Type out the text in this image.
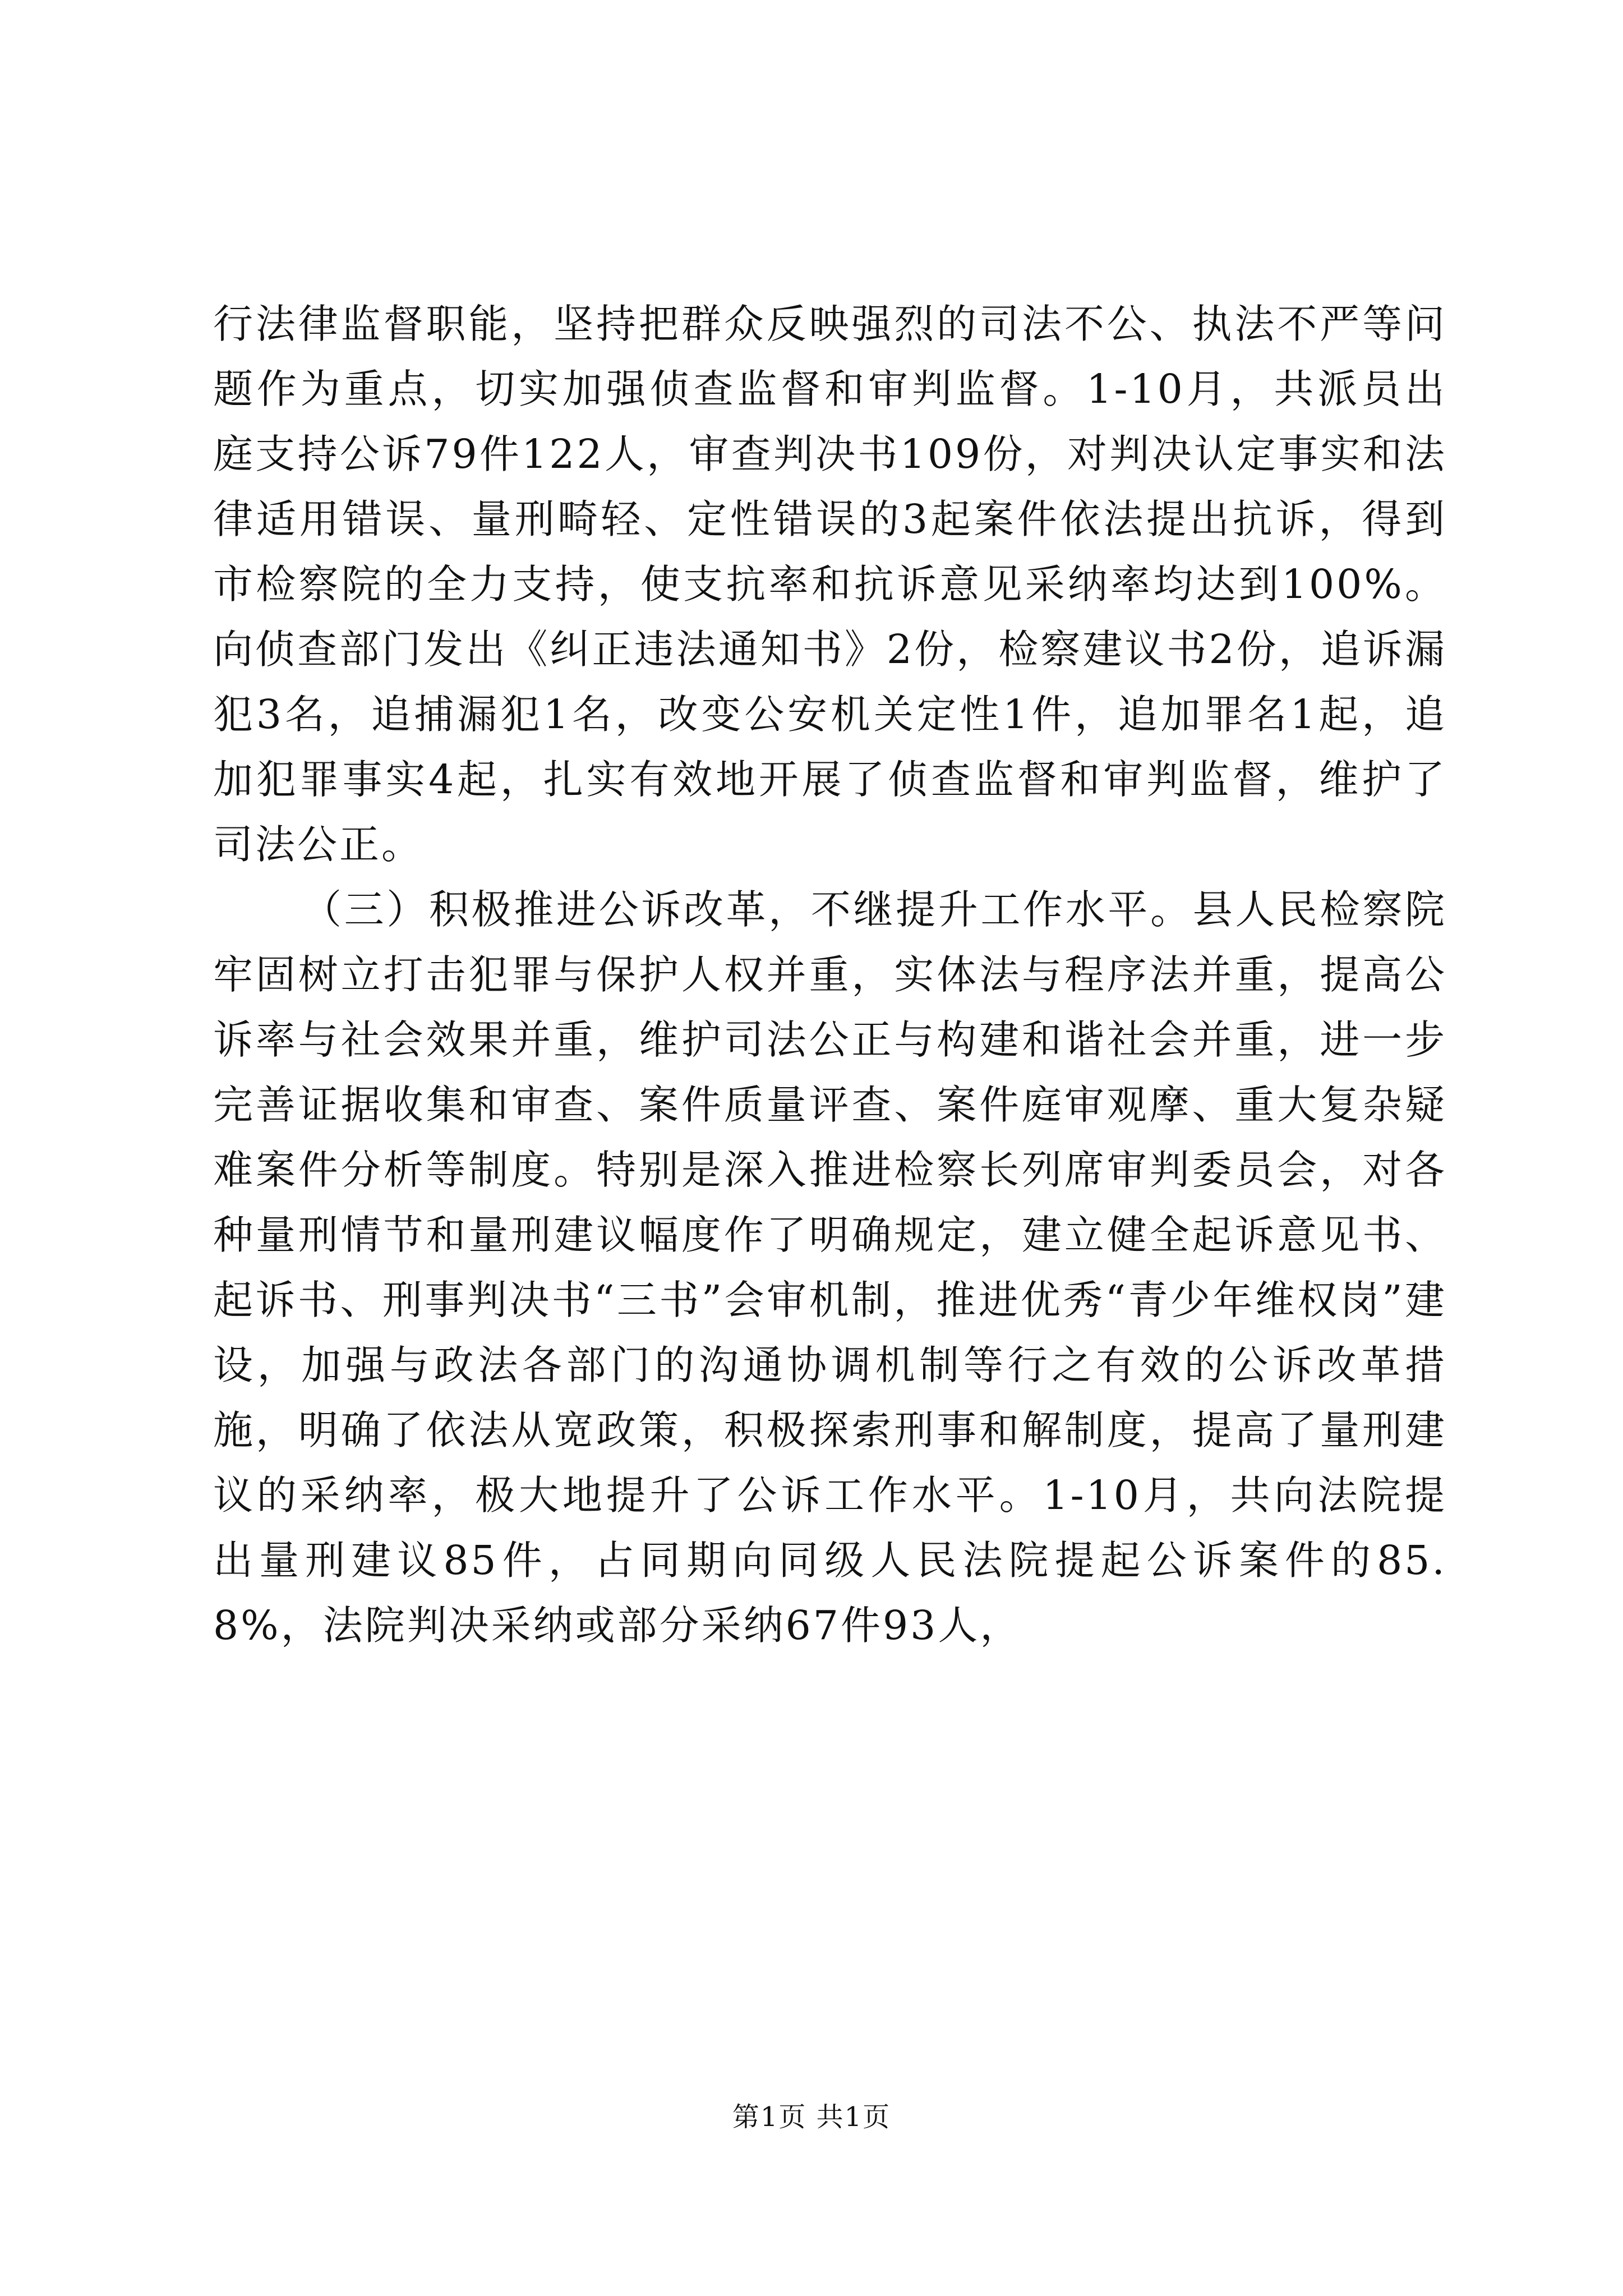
行法律监督职能，坚持把群众反映强烈的司法不公、执法不严等问题作为重点，切实加强侦查监督和审判监督。1-10月，共派员出庭支持公诉79件122人，审查判决书109份，对判决认定事实和法律适用错误、量刑畸轻、定性错误的3起案件依法提出抗诉，得到市检察院的全力支持，使支抗率和抗诉意见采纳率均达到100%。向侦查部门发出《纠正违法通知书》2份，检察建议书2份，追诉漏犯3名，追捕漏犯1名，改变公安机关定性1件，追加罪名1起，追加犯罪事实4起，扎实有效地开展了侦查监督和审判监督，维护了司法公正。

（三）积极推进公诉改革，不继提升工作水平。县人民检察院牢固树立打击犯罪与保护人权并重，实体法与程序法并重，提高公诉率与社会效果并重，维护司法公正与构建和谐社会并重，进一步完善证据收集和审查、案件质量评查、案件庭审观摩、重大复杂疑难案件分析等制度。特别是深入推进检察长列席审判委员会，对各种量刑情节和量刑建议幅度作了明确规定，建立健全起诉意见书、起诉书、刑事判决书“三书”会审机制，推进优秀“青少年维权岗”建设，加强与政法各部门的沟通协调机制等行之有效的公诉改革措施，明确了依法从宽政策，积极探索刑事和解制度，提高了量刑建议的采纳率，极大地提升了公诉工作水平。1-10月，共向法院提出量刑建议85件，占同期向同级人民法院提起公诉案件的85.8%，法院判决采纳或部分采纳67件93人，

第1页 共1页
